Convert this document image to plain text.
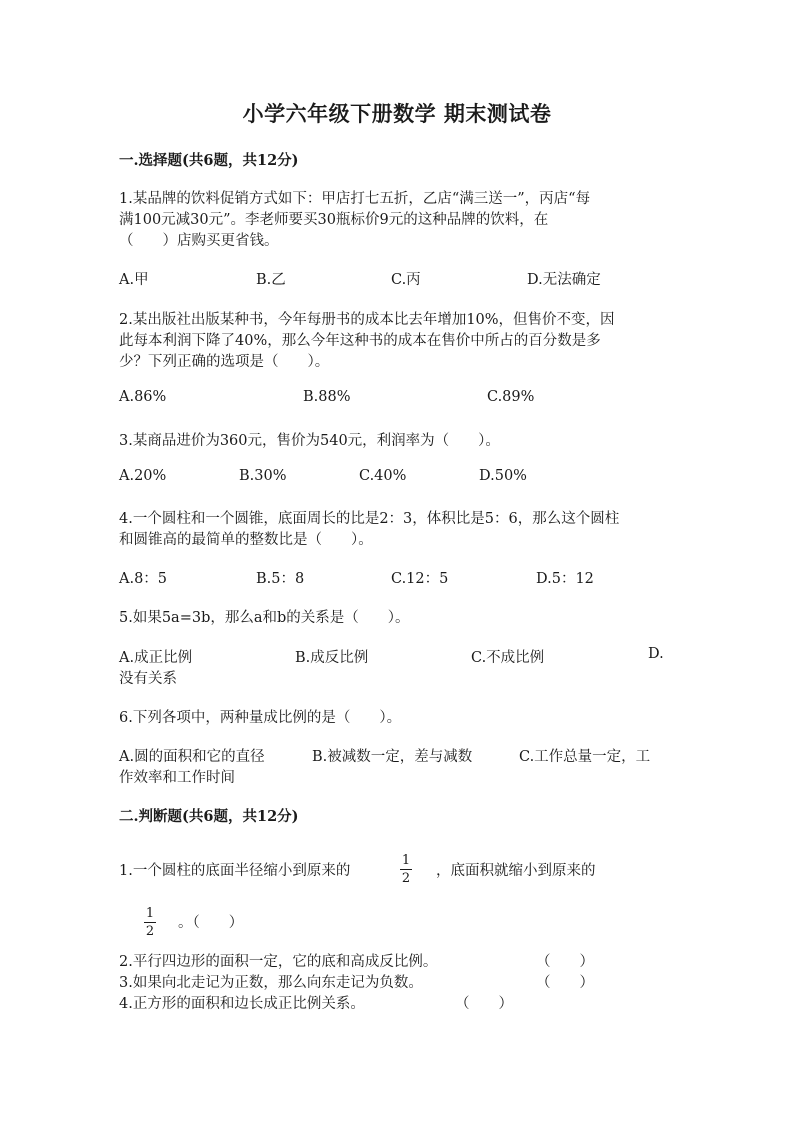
小学六年级下册数学 期末测试卷
一.选择题(共6题，共12分)
1.某品牌的饮料促销方式如下：甲店打七五折，乙店“满三送一”，丙店“每
满100元减30元”。李老师要买30瓶标价9元的这种品牌的饮料，在
（　　）店购买更省钱。
A.甲	B.乙	C.丙	D.无法确定
2.某出版社出版某种书，今年每册书的成本比去年增加10%，但售价不变，因
此每本利润下降了40%，那么今年这种书的成本在售价中所占的百分数是多
少？下列正确的选项是（　　）。
A.86%	B.88%	C.89%
3.某商品进价为360元，售价为540元，利润率为（　　）。
A.20%	B.30%	C.40%	D.50%
4.一个圆柱和一个圆锥，底面周长的比是2：3，体积比是5：6，那么这个圆柱
和圆锥高的最简单的整数比是（　　）。
A.8：5	B.5：8	C.12：5	D.5：12
5.如果5a=3b，那么a和b的关系是（　　）。
A.成正比例	B.成反比例	C.不成比例	D.
没有关系
6.下列各项中，两种量成比例的是（　　）。
A.圆的面积和它的直径	B.被减数一定，差与减数	C.工作总量一定，工
作效率和工作时间
二.判断题(共6题，共12分)
1.一个圆柱的底面半径缩小到原来的
1
2 ，底面积就缩小到原来的
1
2
。（　　）
2.平行四边形的面积一定，它的底和高成反比例。	（　　）
3.如果向北走记为正数，那么向东走记为负数。	（　　）
4.正方形的面积和边长成正比例关系。	（　　）
